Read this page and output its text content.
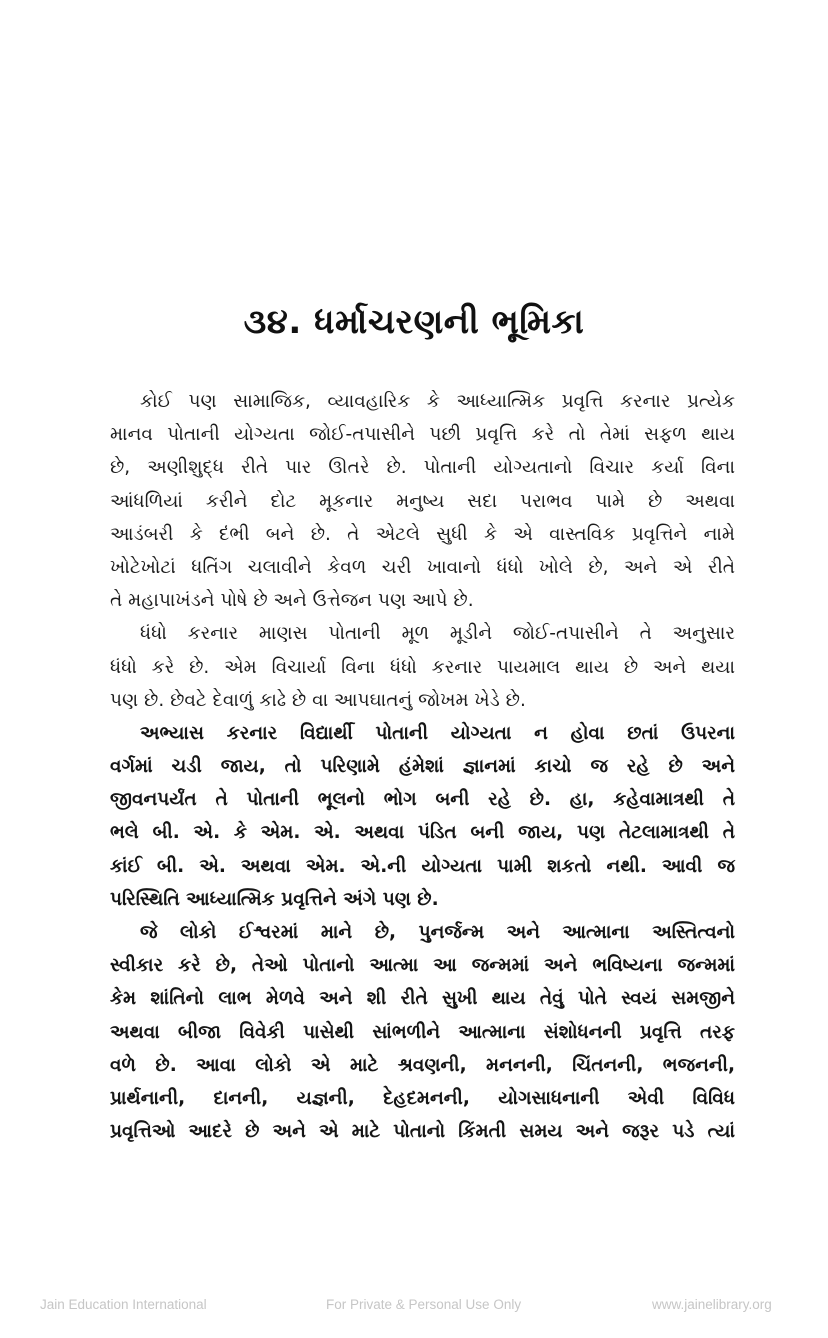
૩૪. ધર્માચરણની ભૂમિકા
કોઈ પણ સામાજિક, વ્યાવહારિક કે આધ્યાત્મિક પ્રવૃત્તિ કરનાર પ્રત્યેક
માનવ પોતાની યોગ્યતા જોઈ-તપાસીને પછી પ્રવૃત્તિ કરે તો તેમાં સફળ થાય
છે, અણીશુદ્ધ રીતે પાર ઊતરે છે. પોતાની યોગ્યતાનો વિચાર કર્યા વિના
આંધળિયાં કરીને દોટ મૂકનાર મનુષ્ય સદા પરાભવ પામે છે અથવા
આડંબરી કે દંભી બને છે. તે એટલે સુધી કે એ વાસ્તવિક પ્રવૃત્તિને નામે
ખોટેખોટાં ધતિંગ ચલાવીને કેવળ ચરી ખાવાનો ધંધો ખોલે છે, અને એ રીતે
તે મહાપાખંડને પોષે છે અને ઉત્તેજન પણ આપે છે.
ધંધો કરનાર માણસ પોતાની મૂળ મૂડીને જોઈ-તપાસીને તે અનુસાર
ધંધો કરે છે. એમ વિચાર્યા વિના ધંધો કરનાર પાયમાલ થાય છે અને થયા
પણ છે. છેવટે દેવાળું કાઢે છે વા આપઘાતનું જોખમ ખેડે છે.
અભ્યાસ કરનાર વિદ્યાર્થી પોતાની યોગ્યતા ન હોવા છતાં ઉપરના
વર્ગમાં ચડી જાય, તો પરિણામે હંમેશાં જ્ઞાનમાં કાચો જ રહે છે અને
જીવનપર્યંત તે પોતાની ભૂલનો ભોગ બની રહે છે. હા, કહેવામાત્રથી તે
ભલે બી. એ. કે એમ. એ. અથવા પંડિત બની જાય, પણ તેટલામાત્રથી તે
કાંઈ બી. એ. અથવા એમ. એ.ની યોગ્યતા પામી શકતો નથી. આવી જ
પરિસ્થિતિ આધ્યાત્મિક પ્રવૃત્તિને અંગે પણ છે.
જે લોકો ઈશ્વરમાં માને છે, પુનર્જન્મ અને આત્માના અસ્તિત્વનો
સ્વીકાર કરે છે, તેઓ પોતાનો આત્મા આ જન્મમાં અને ભવિષ્યના જન્મમાં
કેમ શાંતિનો લાભ મેળવે અને શી રીતે સુખી થાય તેવું પોતે સ્વયં સમજીને
અથવા બીજા વિવેકી પાસેથી સાંભળીને આત્માના સંશોધનની પ્રવૃત્તિ તરફ
વળે છે. આવા લોકો એ માટે શ્રવણની, મનનની, ચિંતનની, ભજનની,
પ્રાર્થનાની, દાનની, યજ્ઞની, દેહદમનની, યોગસાધનાની એવી વિવિધ
પ્રવૃત્તિઓ આદરે છે અને એ માટે પોતાનો કિંમતી સમય અને જરૂર પડે ત્યાં
Jain Education International	For Private & Personal Use Only	www.jainelibrary.org
